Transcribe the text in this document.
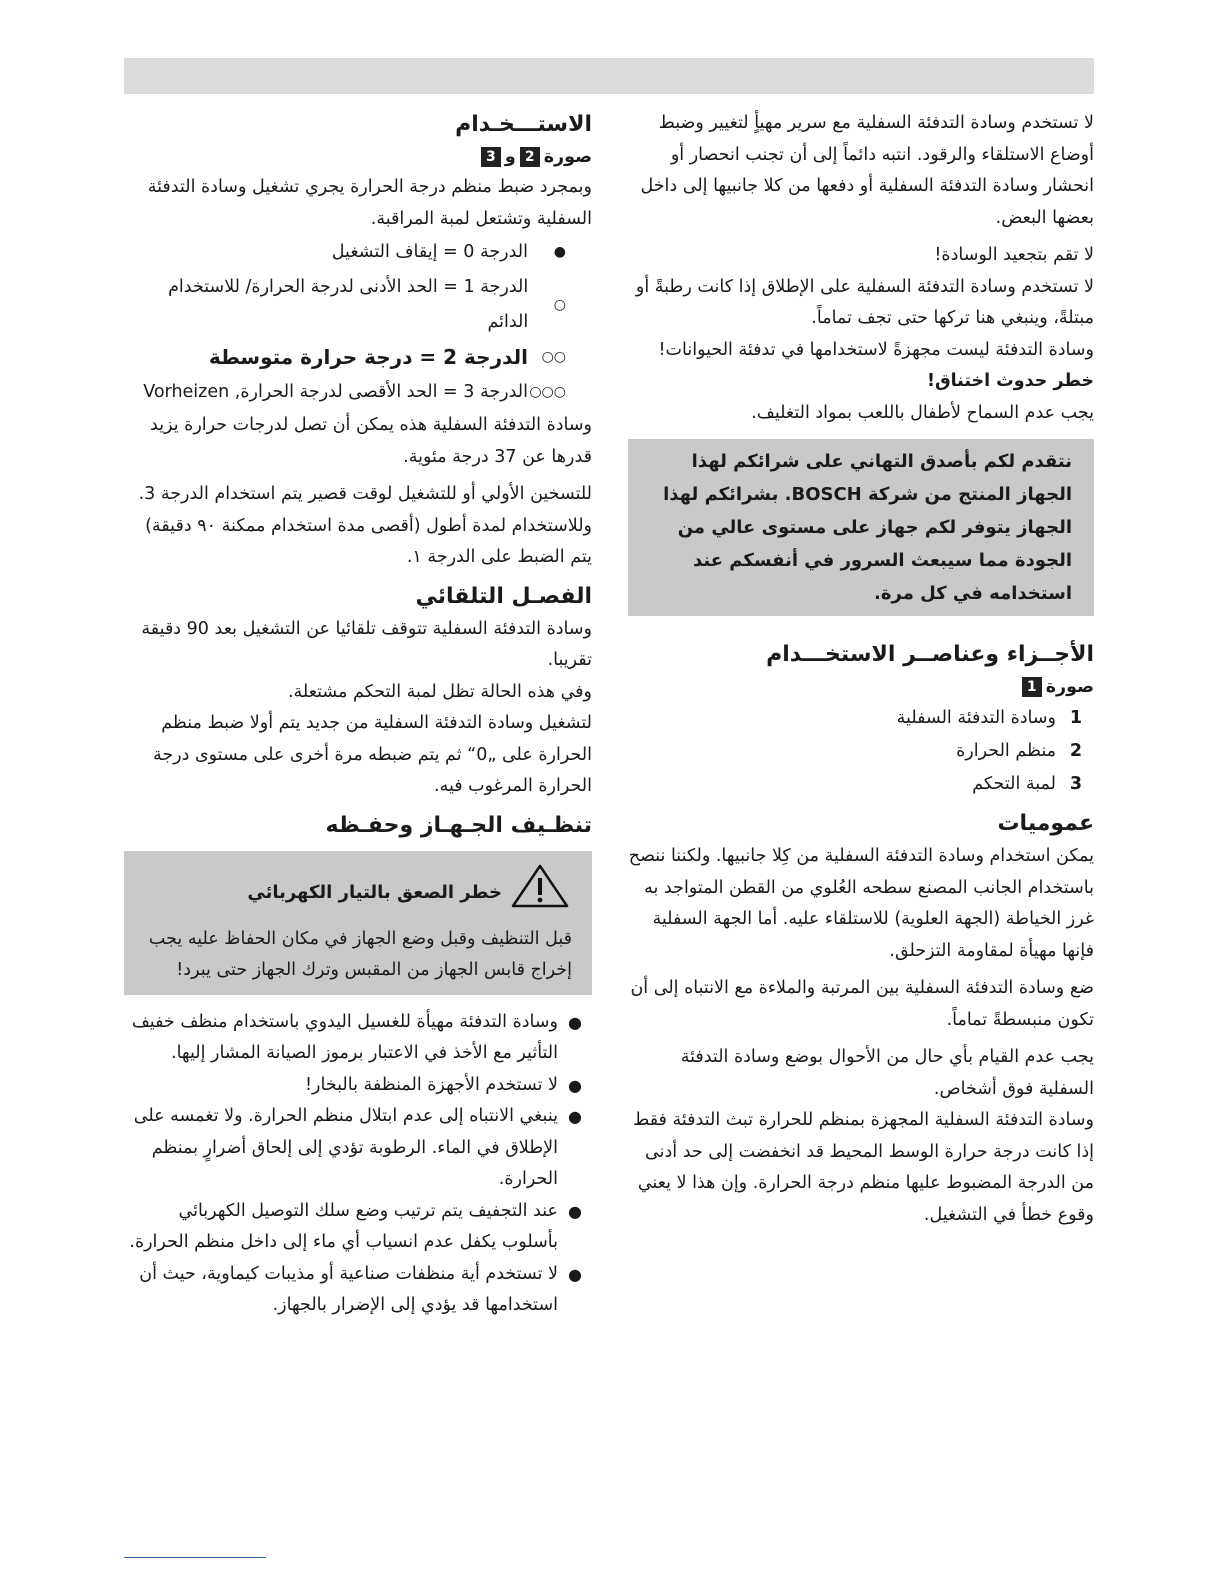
لا تستخدم وسادة التدفئة السفلية مع سرير مهيأٍ لتغيير وضبط أوضاع الاستلقاء والرقود. انتبه دائماً إلى أن تجنب انحصار أو انحشار وسادة التدفئة السفلية أو دفعها من كلا جانبيها إلى داخل بعضها البعض.

لا تقم بتجعيد الوسادة!

لا تستخدم وسادة التدفئة السفلية على الإطلاق إذا كانت رطبةً أو مبتلةً، وينبغي هنا تركها حتى تجف تماماً.

وسادة التدفئة ليست مجهزةً لاستخدامها في تدفئة الحيوانات!

خطر حدوث اختناق!

يجب عدم السماح لأطفال باللعب بمواد التغليف.

نتقدم لكم بأصدق التهاني على شرائكم لهذا الجهاز المنتج من شركة BOSCH. بشرائكم لهذا الجهاز يتوفر لكم جهاز على مستوى عالي من الجودة مما سيبعث السرور في أنفسكم عند استخدامه في كل مرة.

الأجــزاء وعناصــر الاستخـــدام

صورة
1

1
وسادة التدفئة السفلية
2
منظم الحرارة
3
لمبة التحكم

عموميات

يمكن استخدام وسادة التدفئة السفلية من كِلا جانبيها. ولكننا ننصح باستخدام الجانب المصنع سطحه العُلوي من القطن المتواجد به غرز الخياطة (الجهة العلوية) للاستلقاء عليه. أما الجهة السفلية فإنها مهيأة لمقاومة التزحلق.

ضع وسادة التدفئة السفلية بين المرتبة والملاءة مع الانتباه إلى أن تكون منبسطةً تماماً.

يجب عدم القيام بأي حال من الأحوال بوضع وسادة التدفئة السفلية فوق أشخاص.

وسادة التدفئة السفلية المجهزة بمنظم للحرارة تبث التدفئة فقط إذا كانت درجة حرارة الوسط المحيط قد انخفضت إلى حد أدنى من الدرجة المضبوط عليها منظم درجة الحرارة. وإن هذا لا يعني وقوع خطأ في التشغيل.

الاستـــخـدام

صورة
2
و
3

وبمجرد ضبط منظم درجة الحرارة يجري تشغيل وسادة التدفئة السفلية وتشتعل لمبة المراقبة.

●
الدرجة 0 = إيقاف التشغيل
○
الدرجة 1 = الحد الأدنى لدرجة الحرارة/ للاستخدام الدائم
○○
الدرجة 2 = درجة حرارة متوسطة
○○○
الدرجة 3 = الحد الأقصى لدرجة الحرارة, Vorheizen

وسادة التدفئة السفلية هذه يمكن أن تصل لدرجات حرارة يزيد قدرها عن 37 درجة مئوية.

للتسخين الأولي أو للتشغيل لوقت قصير يتم استخدام الدرجة 3. وللاستخدام لمدة أطول (أقصى مدة استخدام ممكنة ٩٠ دقيقة) يتم الضبط على الدرجة ١.

الفصـل التلقائي

وسادة التدفئة السفلية تتوقف تلقائيا عن التشغيل بعد 90 دقيقة تقريبا.

وفي هذه الحالة تظل لمبة التحكم مشتعلة.

لتشغيل وسادة التدفئة السفلية من جديد يتم أولا ضبط منظم الحرارة على „0“ ثم يتم ضبطه مرة أخرى على مستوى درجة الحرارة المرغوب فيه.

تنظـيف الجـهـاز وحفـظه

خطر الصعق بالتيار الكهربائي

قبل التنظيف وقبل وضع الجهاز في مكان الحفاظ عليه يجب إخراج قابس الجهاز من المقبس وترك الجهاز حتى يبرد!

●
وسادة التدفئة مهيأة للغسيل اليدوي باستخدام منظف خفيف التأثير مع الأخذ في الاعتبار برموز الصيانة المشار إليها.
●
لا تستخدم الأجهزة المنظفة بالبخار!
●
ينبغي الانتباه إلى عدم ابتلال منظم الحرارة. ولا تغمسه على الإطلاق في الماء. الرطوبة تؤدي إلى إلحاق أضرارٍ بمنظم الحرارة.
●
عند التجفيف يتم ترتيب وضع سلك التوصيل الكهربائي بأسلوب يكفل عدم انسياب أي ماء إلى داخل منظم الحرارة.
●
لا تستخدم أية منظفات صناعية أو مذيبات كيماوية، حيث أن استخدامها قد يؤدي إلى الإضرار بالجهاز.
